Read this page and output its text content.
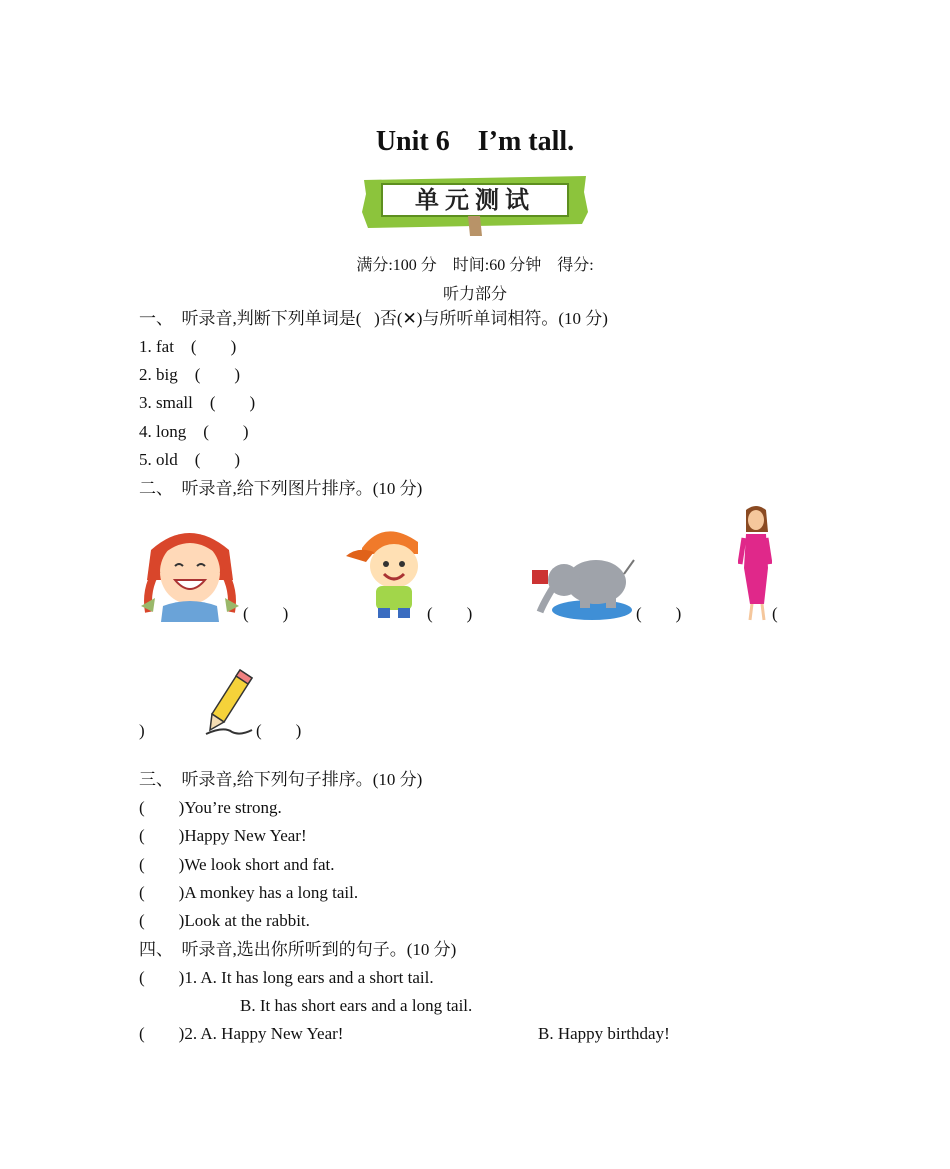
Unit 6    I’m tall.
单元测试
满分:100 分    时间:60 分钟    得分:
听力部分
一、  听录音,判断下列单词是(   )否(✕)与所听单词相符。(10 分)
1. fat    (        )
2. big    (        )
3. small    (        )
4. long    (        )
5. old    (        )
二、  听录音,给下列图片排序。(10 分)
(        )	(        )	(        )	(
)	(        )
三、  听录音,给下列句子排序。(10 分)
(        )You’re strong.
(        )Happy New Year!
(        )We look short and fat.
(        )A monkey has a long tail.
(        )Look at the rabbit.
四、  听录音,选出你所听到的句子。(10 分)
(        )1. A. It has long ears and a short tail.
B. It has short ears and a long tail.
(        )2. A. Happy New Year!	B. Happy birthday!
